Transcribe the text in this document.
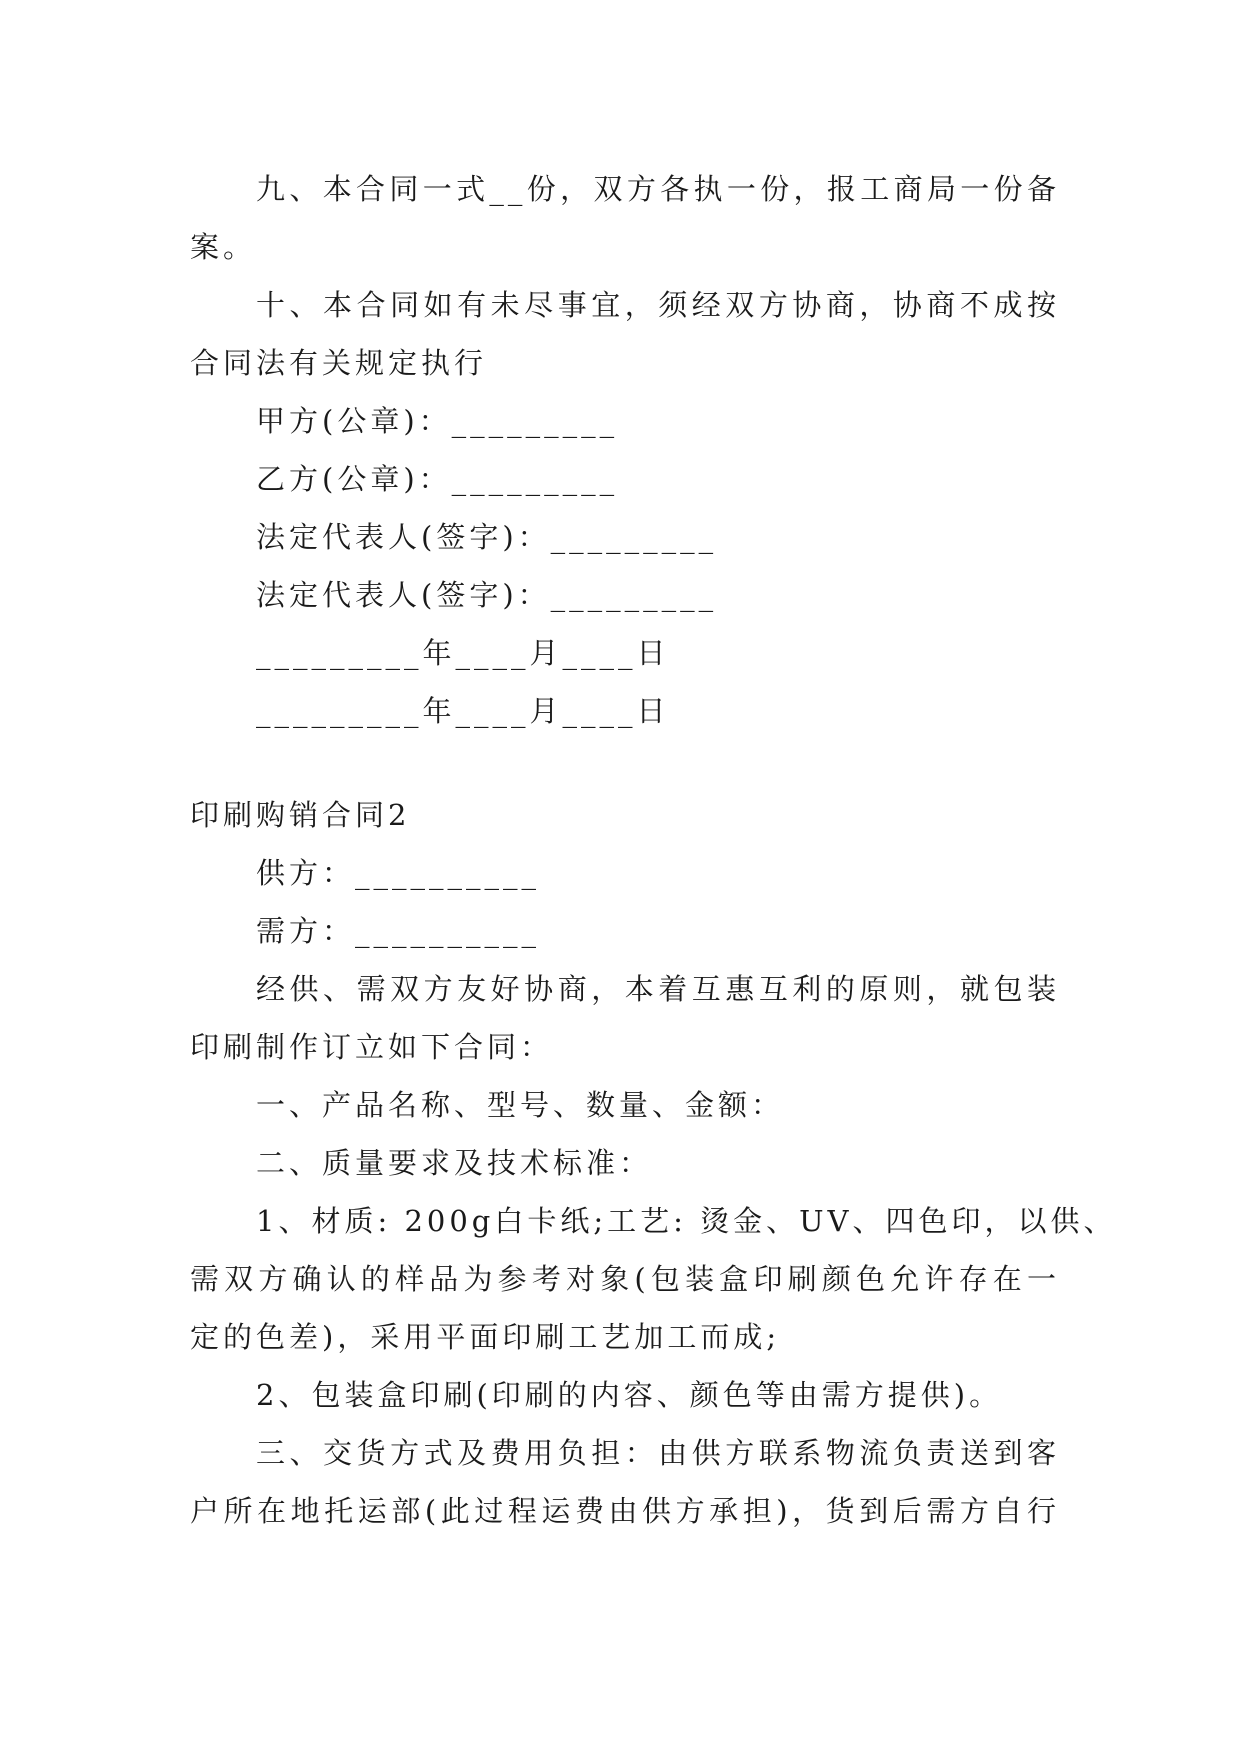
九、本合同一式__份，双方各执一份，报工商局一份备
案。
十、本合同如有未尽事宜，须经双方协商，协商不成按
合同法有关规定执行
甲方(公章)：_________
乙方(公章)：_________
法定代表人(签字)：_________
法定代表人(签字)：_________
_________年____月____日
_________年____月____日
印刷购销合同2
供方：__________
需方：__________
经供、需双方友好协商，本着互惠互利的原则，就包装
印刷制作订立如下合同：
一、产品名称、型号、数量、金额：
二、质量要求及技术标准：
1、材质: 200g白卡纸;工艺: 烫金、UV、四色印，以供、
需双方确认的样品为参考对象(包装盒印刷颜色允许存在一
定的色差)，采用平面印刷工艺加工而成;
2、包装盒印刷(印刷的内容、颜色等由需方提供)。
三、交货方式及费用负担：由供方联系物流负责送到客
户所在地托运部(此过程运费由供方承担)，货到后需方自行
